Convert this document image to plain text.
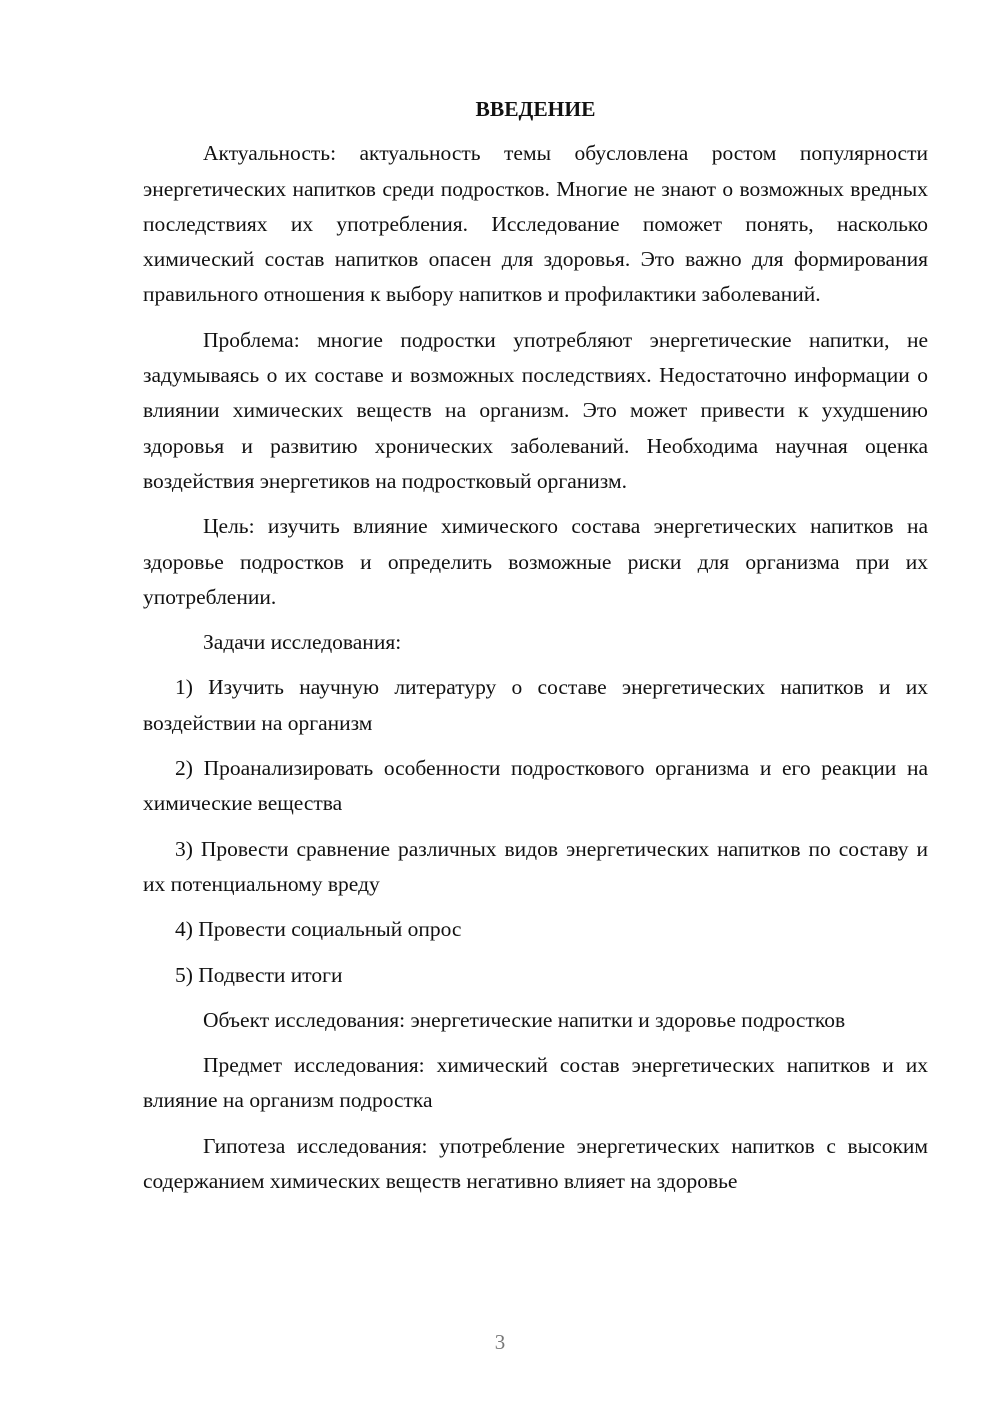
ВВЕДЕНИЕ

Актуальность: актуальность темы обусловлена ростом популярности энергетических напитков среди подростков. Многие не знают о возможных вредных последствиях их употребления. Исследование поможет понять, насколько химический состав напитков опасен для здоровья. Это важно для формирования правильного отношения к выбору напитков и профилактики заболеваний.

Проблема: многие подростки употребляют энергетические напитки, не задумываясь о их составе и возможных последствиях. Недостаточно информации о влиянии химических веществ на организм. Это может привести к ухудшению здоровья и развитию хронических заболеваний. Необходима научная оценка воздействия энергетиков на подростковый организм.

Цель: изучить влияние химического состава энергетических напитков на здоровье подростков и определить возможные риски для организма при их употреблении.

Задачи исследования:

1) Изучить научную литературу о составе энергетических напитков и их воздействии на организм

2) Проанализировать особенности подросткового организма и его реакции на химические вещества

3) Провести сравнение различных видов энергетических напитков по составу и их потенциальному вреду

4) Провести социальный опрос

5) Подвести итоги

Объект исследования: энергетические напитки и здоровье подростков

Предмет исследования: химический состав энергетических напитков и их влияние на организм подростка

Гипотеза исследования: употребление энергетических напитков с высоким содержанием химических веществ негативно влияет на здоровье

3
